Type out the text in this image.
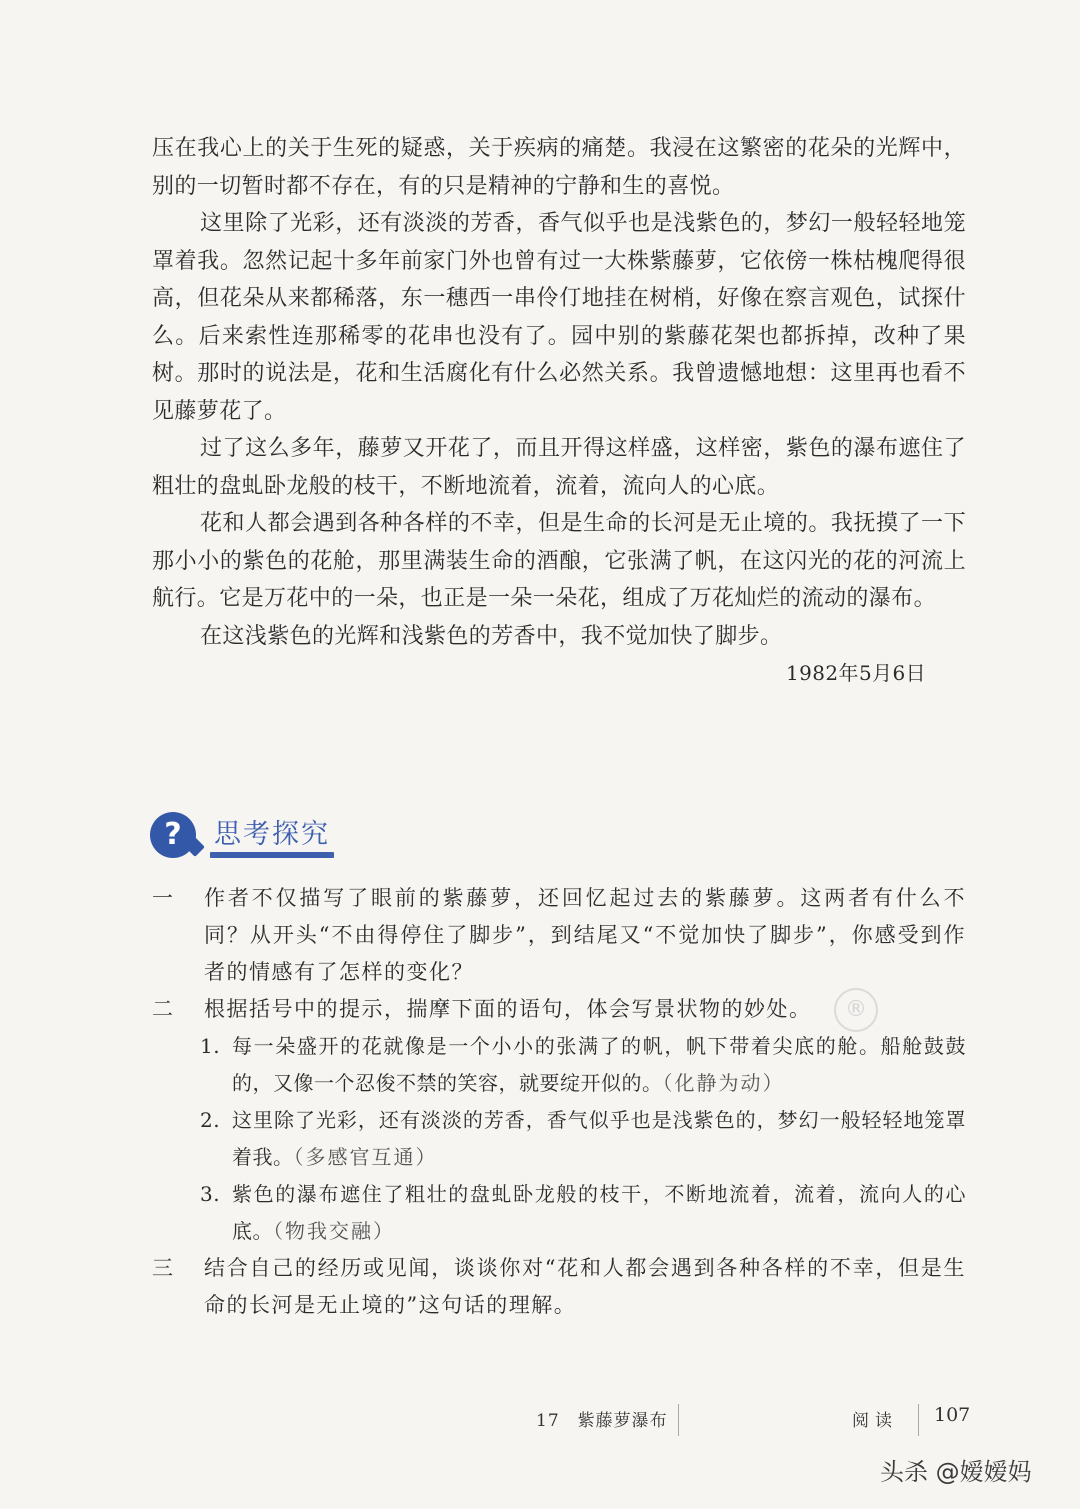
压在我心上的关于生死的疑惑，关于疾病的痛楚。我浸在这繁密的花朵的光辉中，别的一切暂时都不存在，有的只是精神的宁静和生的喜悦。

这里除了光彩，还有淡淡的芳香，香气似乎也是浅紫色的，梦幻一般轻轻地笼罩着我。忽然记起十多年前家门外也曾有过一大株紫藤萝，它依傍一株枯槐爬得很高，但花朵从来都稀落，东一穗西一串伶仃地挂在树梢，好像在察言观色，试探什么。后来索性连那稀零的花串也没有了。园中别的紫藤花架也都拆掉，改种了果树。那时的说法是，花和生活腐化有什么必然关系。我曾遗憾地想：这里再也看不见藤萝花了。

过了这么多年，藤萝又开花了，而且开得这样盛，这样密，紫色的瀑布遮住了粗壮的盘虬卧龙般的枝干，不断地流着，流着，流向人的心底。

花和人都会遇到各种各样的不幸，但是生命的长河是无止境的。我抚摸了一下那小小的紫色的花舱，那里满装生命的酒酿，它张满了帆，在这闪光的花的河流上航行。它是万花中的一朵，也正是一朵一朵花，组成了万花灿烂的流动的瀑布。

在这浅紫色的光辉和浅紫色的芳香中，我不觉加快了脚步。

1982年5月6日

?	思考探究
®

一 作者不仅描写了眼前的紫藤萝，还回忆起过去的紫藤萝。这两者有什么不同？从开头“不由得停住了脚步”，到结尾又“不觉加快了脚步”，你感受到作者的情感有了怎样的变化？

二 根据括号中的提示，揣摩下面的语句，体会写景状物的妙处。

1. 每一朵盛开的花就像是一个小小的张满了的帆，帆下带着尖底的舱。船舱鼓鼓的，又像一个忍俊不禁的笑容，就要绽开似的。（化静为动）

2. 这里除了光彩，还有淡淡的芳香，香气似乎也是浅紫色的，梦幻一般轻轻地笼罩着我。（多感官互通）

3. 紫色的瀑布遮住了粗壮的盘虬卧龙般的枝干，不断地流着，流着，流向人的心底。（物我交融）

三 结合自己的经历或见闻，谈谈你对“花和人都会遇到各种各样的不幸，但是生命的长河是无止境的”这句话的理解。

17　紫藤萝瀑布	阅读 107
头杀 @嫒嫒妈
